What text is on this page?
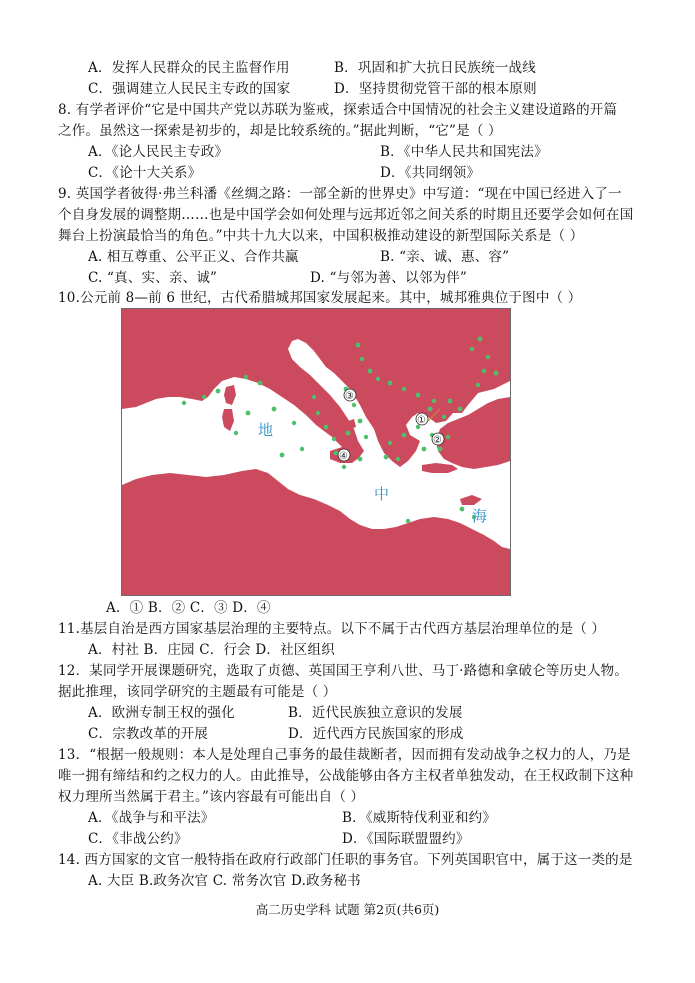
A．发挥人民群众的民主监督作用	B．巩固和扩大抗日民族统一战线
C．强调建立人民民主专政的国家	D．坚持贯彻党管干部的根本原则
8. 有学者评价“它是中国共产党以苏联为鉴戒，探索适合中国情况的社会主义建设道路的开篇
之作。虽然这一探索是初步的，却是比较系统的。”据此判断，“它”是（ ）
A．《论人民民主专政》	B．《中华人民共和国宪法》
C．《论十大关系》	D．《共同纲领》
9. 英国学者彼得·弗兰科潘《丝绸之路：一部全新的世界史》中写道：“现在中国已经进入了一
个自身发展的调整期……也是中国学会如何处理与远邦近邻之间关系的时期且还要学会如何在国
舞台上扮演最恰当的角色。”中共十九大以来，中国积极推动建设的新型国际关系是（ ）
A. 相互尊重、公平正义、合作共赢	B. “亲、诚、惠、容”
C. “真、实、亲、诚”	D. “与邻为善、以邻为伴”
10.公元前 8—前 6 世纪，古代希腊城邦国家发展起来。其中，城邦雅典位于图中（ ）
地
中
海
①
②
③
④
A．① B．② C．③ D．④
11.基层自治是西方国家基层治理的主要特点。以下不属于古代西方基层治理单位的是（ ）
A．村社 B．庄园 C．行会 D．社区组织
12．某同学开展课题研究，选取了贞德、英国国王亨利八世、马丁·路德和拿破仑等历史人物。
据此推理，该同学研究的主题最有可能是（ ）
A．欧洲专制王权的强化	B．近代民族独立意识的发展
C．宗教改革的开展	D．近代西方民族国家的形成
13．“根据一般规则：本人是处理自己事务的最佳裁断者，因而拥有发动战争之权力的人，乃是
唯一拥有缔结和约之权力的人。由此推导，公战能够由各方主权者单独发动，在王权政制下这种
权力理所当然属于君主。”该内容最有可能出自（ ）
A．《战争与和平法》	B．《威斯特伐利亚和约》
C．《非战公约》	D．《国际联盟盟约》
14. 西方国家的文官一般特指在政府行政部门任职的事务官。下列英国职官中，属于这一类的是
A. 大臣 B.政务次官 C. 常务次官 D.政务秘书
高二历史学科 试题 第2页(共6页)
